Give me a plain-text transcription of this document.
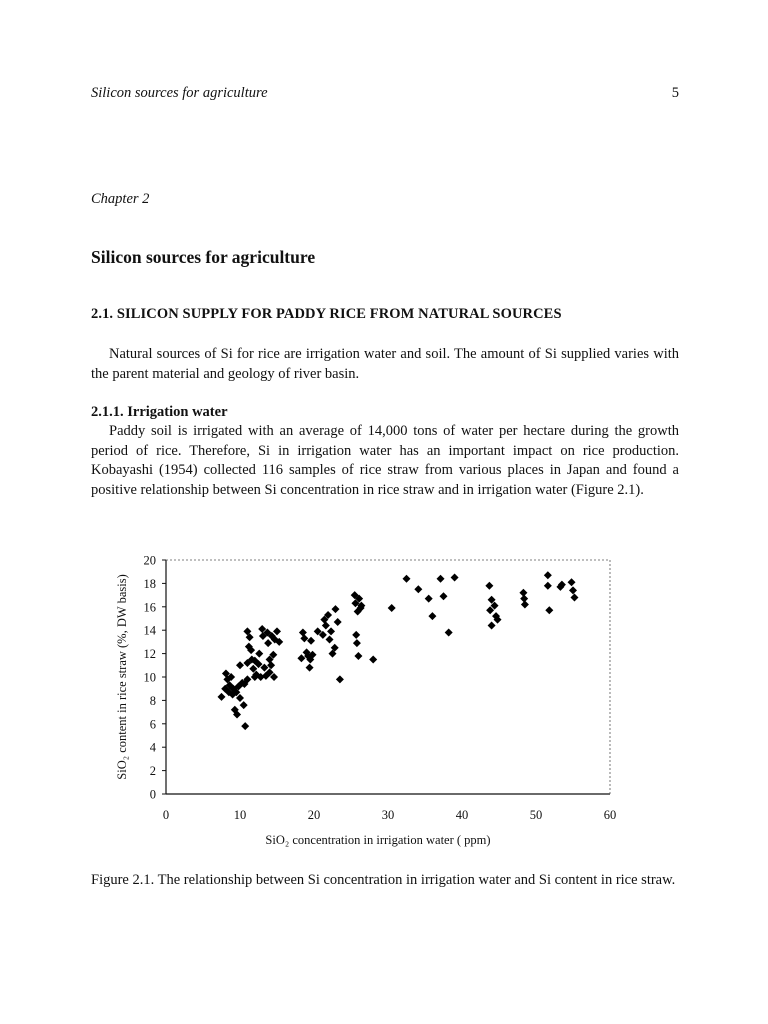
Silicon sources for agriculture	5
Chapter 2
Silicon sources for agriculture
2.1. SILICON SUPPLY FOR PADDY RICE FROM NATURAL SOURCES

Natural sources of Si for rice are irrigation water and soil. The amount of Si supplied varies with the parent material and geology of river basin.

2.1.1. Irrigation water

Paddy soil is irrigated with an average of 14,000 tons of water per hectare during the growth period of rice. Therefore, Si in irrigation water has an important impact on rice production. Kobayashi (1954) collected 116 samples of rice straw from various places in Japan and found a positive relationship between Si concentration in rice straw and in irrigation water (Figure 2.1).

0
2
4
6
8
10
12
14
16
18
20
0	10	20	30	40	50	60
SiO₂ content in rice straw (%, DW basis)
SiO₂ concentration in irrigation water ( ppm)

Figure 2.1. The relationship between Si concentration in irrigation water and Si content in rice straw.
